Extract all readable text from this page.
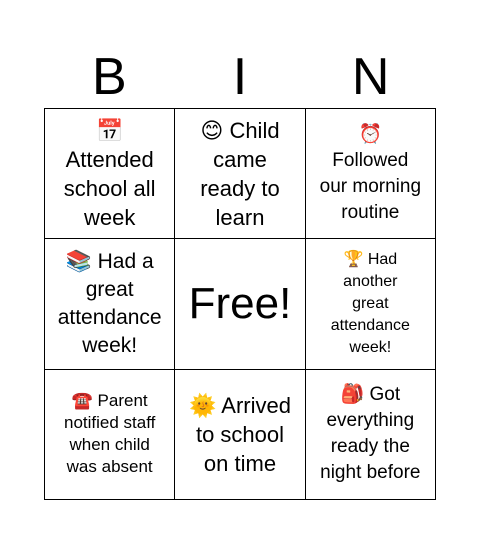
B	I	N
📅
Attended
school all
week
😊 Child
came
ready to
learn
⏰
Followed
our morning
routine
📚 Had a
great
attendance
week!
Free!
🏆 Had
another
great
attendance
week!
☎️ Parent
notified staff
when child
was absent
🌞 Arrived
to school
on time
🎒 Got
everything
ready the
night before
